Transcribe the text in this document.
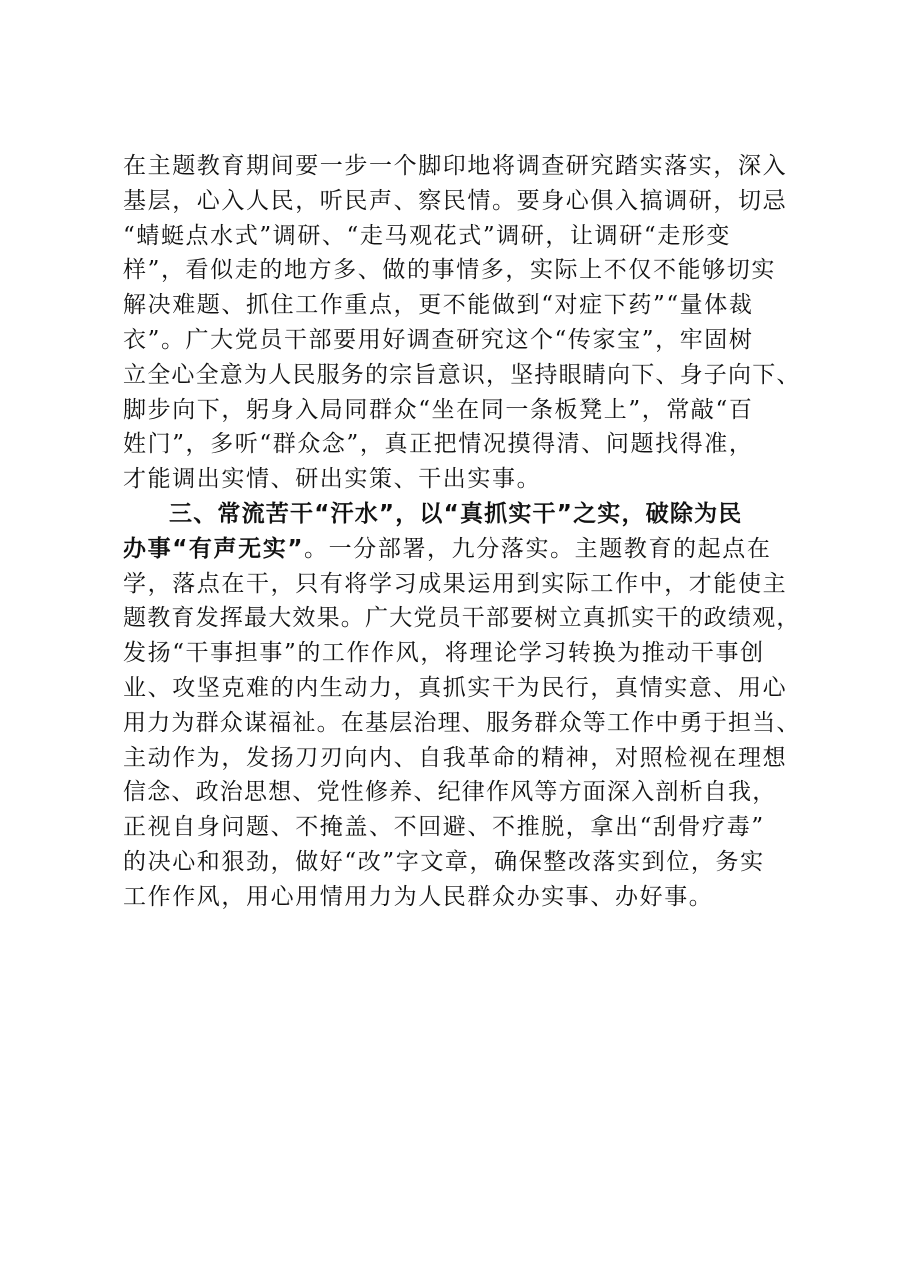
在主题教育期间要一步一个脚印地将调查研究踏实落实，深入
基层，心入人民，听民声、察民情。要身心俱入搞调研，切忌
“蜻蜓点水式”调研、“走马观花式”调研，让调研“走形变
样”，看似走的地方多、做的事情多，实际上不仅不能够切实
解决难题、抓住工作重点，更不能做到“对症下药”“量体裁
衣”。广大党员干部要用好调查研究这个“传家宝”，牢固树
立全心全意为人民服务的宗旨意识，坚持眼睛向下、身子向下、
脚步向下，躬身入局同群众“坐在同一条板凳上”，常敲“百
姓门”，多听“群众念”，真正把情况摸得清、问题找得准，
才能调出实情、研出实策、干出实事。
三、常流苦干“汗水”，以“真抓实干”之实，破除为民
办事“有声无实”。一分部署，九分落实。主题教育的起点在
学，落点在干，只有将学习成果运用到实际工作中，才能使主
题教育发挥最大效果。广大党员干部要树立真抓实干的政绩观，
发扬“干事担事”的工作作风，将理论学习转换为推动干事创
业、攻坚克难的内生动力，真抓实干为民行，真情实意、用心
用力为群众谋福祉。在基层治理、服务群众等工作中勇于担当、
主动作为，发扬刀刃向内、自我革命的精神，对照检视在理想
信念、政治思想、党性修养、纪律作风等方面深入剖析自我，
正视自身问题、不掩盖、不回避、不推脱，拿出“刮骨疗毒”
的决心和狠劲，做好“改”字文章，确保整改落实到位，务实
工作作风，用心用情用力为人民群众办实事、办好事。
